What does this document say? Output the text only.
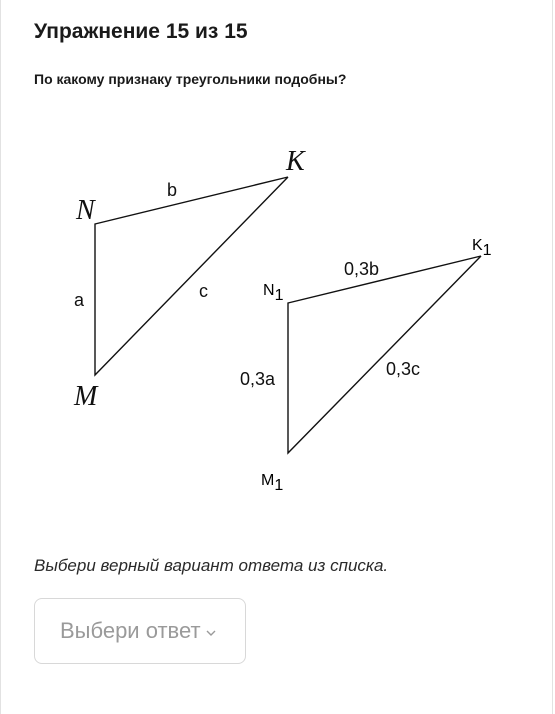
Упражнение 15 из 15
По какому признаку треугольники подобны?
N
K
M
b
a	c	N1
K1
M1
0,3b
0,3a	0,3c
Выбери верный вариант ответа из списка.
Выбери ответ
